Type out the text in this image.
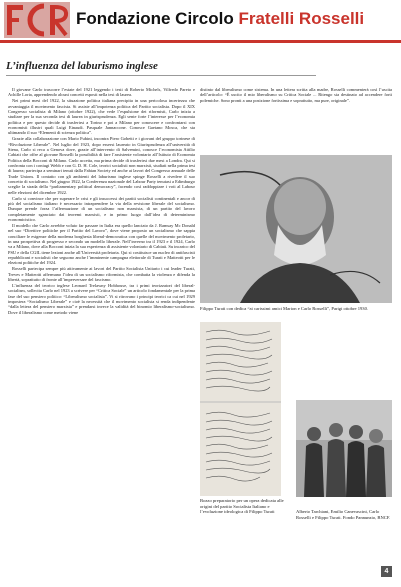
Fondazione Circolo Fratelli Rosselli
L’influenza del laburismo inglese

Il giovane Carlo trascorre l’estate del 1921 leggendo i testi di Roberto Michels, Vilfredo Pareto e Achille Loria, apprendendo alcuni concetti esposti nella tesi di laurea.

Nei primi mesi del 1922, la situazione politica italiana precipita in una pericolosa incertezza che avvantaggia il movimento fascista. Si assiste all’impotenza politica del Partito socialista. Dopo il XIX Congresso socialista di Milano (ottobre 1922), che vede l’espulsione dei riformisti, Carlo inizia a studiare per la sua seconda tesi di laurea in giurisprudenza. Egli sente forte l’interesse per l’economia politica e per questo decide di trasferirsi a Torino e poi a Milano per conoscere e confrontarsi con economisti illustri quali Luigi Einaudi. Pasquale Jannaccone. Conosce Gaetano Mosca, che sta ultimando il suo “Elementi di scienza politica”.

Grazie alla collaborazione con Mario Fubini, incontra Piero Gobetti e i giovani del gruppo torinese di “Rivoluzione Liberale”. Nel luglio del 1923, dopo essersi laureato in Giurisprudenza all’università di Siena, Carlo si reca a Genova dove, grazie all’intervento di Salvemini, conosce l’economista Attilio Cabiati che offre al giovane Rosselli la possibilità di fare l’assistente volontario all’Istituto di Economia Politica della Bocconi di Milano. Carlo accetta, ma prima decide di trasferirsi due mesi a Londra. Qui si confronta con i coniugi Webb e con G. D. H. Cole, teorici socialisti non marxisti, studiati nella prima tesi di laurea; partecipa a seminari tenuti dalla Fabian Society ed anche ai lavori del Congresso annuale delle Trade Unions. Il contatto con gli ambienti del laburismo inglese spinge Rosselli a rivedere il suo concetto di socialismo. Nel giugno 1922, la Conferenza nazionale del Labour Party tenutasi a Edimburgo sceglie la strada della “parliamentary political democracy”, facendo così raddoppiare i voti al Labour nelle elezioni del dicembre 1922.

Carlo si convince che per superare le crisi e gli insuccessi dei partiti socialisti continentali e ancor di più del socialismo italiano è necessario intraprendere la via della revisione liberale del socialismo. Dunque prende forza l’affermazione di un socialismo non marxista, di un partito del lavoro completamente sganciato dai teoremi marxisti, e in primo luogo dall’idea di determinismo economicistico.

Il modello che Carlo avrebbe voluto far passare in Italia era quello lanciato da J. Ramsay Mc Donald nel suo “Direttive politiche per il Partito del Lavoro”, dove viene proposto un socialismo che sappia conciliare le esigenze della moderna borghesia liberal-democratica con quelle del movimento proletario, in una prospettiva di progresso e secondo un modello liberale. Nell’inverno tra il 1923 e il 1924, Carlo va a Milano, dove alla Bocconi inizia la sua esperienza di assistente volontario di Cabiati. Su incarico del PSU e della CGIL tiene lezioni anche all’Università proletaria. Qui si costituisce un nucleo di antifascisti repubblicani e socialisti che seguono anche l’imminente campagna elettorale di Turati e Matteotti per le elezioni politiche del 1924.

Rosselli partecipa sempre più attivamente ai lavori del Partito Socialista Unitario i cui leader Turati, Treves e Matteotti affermano l’idea di un socialismo riformista, che combatta la violenza e difenda la libertà, soprattutto di fronte all’imperversare del fascismo.

L’influenza del teorico inglese Leonard Trelawny Hobhouse, tra i primi teorizzatori del liberal-socialism, sollecita Carlo nel 1923 a scrivere per “Critica Sociale” un articolo fondamentale per la prima fase del suo pensiero politico: “Liberalismo socialista”. Vi si ritrovano i principi teorici ca cui nel 1929 impostera “Socialismo Liberale” e cioè la necessità che il movimento socialista si renda indipendente “dalla lettera del pensiero marxista” e prendarsi invece la validità del binomio liberalismo-socialismo. Dove il liberalismo come metodo viene

distinto dal liberalismo come sistema. In una lettera scritta alla madre, Rosselli commenterà così l’uscita dell’articolo: “È uscito il mio liberalismo su Critica Sociale ... Ritengo sia destinato ad accendere forti polemiche. Sono pronti a una posizione fortissima e soprattutto, ma pure, originale”.

Filippo Turati con dedica “ai carissimi amici Marion e Carlo Rosselli”, Parigi ottobre 1930.
Bozzo preparatorio per un opera dedicata alle origini del partito Socialista Italiano e l’evoluzione ideologica di Filippo Turati	Alberto Tarchiani, Emilio Canevascini, Carlo Rosselli e Filippo Turati. Fondo Pannunzio, BNCF.
4
